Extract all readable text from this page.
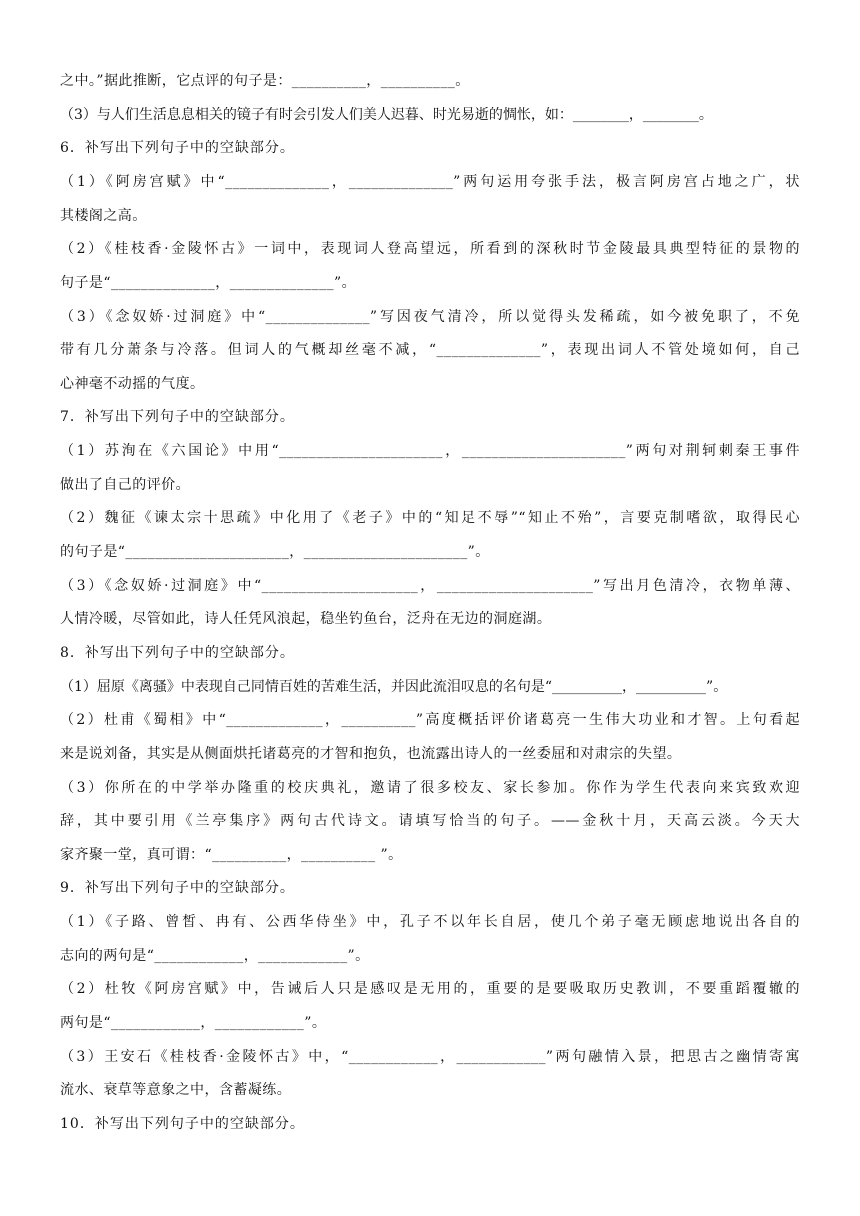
之中。”据此推断，它点评的句子是：__________，__________。
（3）与人们生活息息相关的镜子有时会引发人们美人迟暮、时光易逝的惆怅，如：________，________。
6．补写出下列句子中的空缺部分。
（1）《阿房宫赋》中“______________，______________”两句运用夸张手法，极言阿房宫占地之广，状
其楼阁之高。
（2）《桂枝香·金陵怀古》一词中，表现词人登高望远，所看到的深秋时节金陵最具典型特征的景物的
句子是“______________，______________”。
（3）《念奴娇·过洞庭》中“______________”写因夜气清冷，所以觉得头发稀疏，如今被免职了，不免
带有几分萧条与冷落。但词人的气概却丝毫不减，“______________”，表现出词人不管处境如何，自己
心神毫不动摇的气度。
7．补写出下列句子中的空缺部分。
（1）苏洵在《六国论》中用“______________________，______________________”两句对荆轲刺秦王事件
做出了自己的评价。
（2）魏征《谏太宗十思疏》中化用了《老子》中的“知足不辱”“知止不殆”，言要克制嗜欲，取得民心
的句子是“______________________，______________________”。
（3）《念奴娇·过洞庭》中“_____________________，_____________________”写出月色清冷，衣物单薄、
人情冷暖，尽管如此，诗人任凭风浪起，稳坐钓鱼台，泛舟在无边的洞庭湖。
8．补写出下列句子中的空缺部分。
（1）屈原《离骚》中表现自己同情百姓的苦难生活，并因此流泪叹息的名句是“__________，__________”。
（2）杜甫《蜀相》中“_____________，__________”高度概括评价诸葛亮一生伟大功业和才智。上句看起
来是说刘备，其实是从侧面烘托诸葛亮的才智和抱负，也流露出诗人的一丝委屈和对肃宗的失望。
（3）你所在的中学举办隆重的校庆典礼，邀请了很多校友、家长参加。你作为学生代表向来宾致欢迎
辞，其中要引用《兰亭集序》两句古代诗文。请填写恰当的句子。——金秋十月，天高云淡。今天大
家齐聚一堂，真可谓：“__________，__________ ”。
9．补写出下列句子中的空缺部分。
（1）《子路、曾皙、冉有、公西华侍坐》中，孔子不以年长自居，使几个弟子毫无顾虑地说出各自的
志向的两句是“____________，____________”。
（2）杜牧《阿房宫赋》中，告诫后人只是感叹是无用的，重要的是要吸取历史教训，不要重蹈覆辙的
两句是“____________，____________”。
（3）王安石《桂枝香·金陵怀古》中，“____________，____________”两句融情入景，把思古之幽情寄寓
流水、衰草等意象之中，含蓄凝练。
10．补写出下列句子中的空缺部分。
